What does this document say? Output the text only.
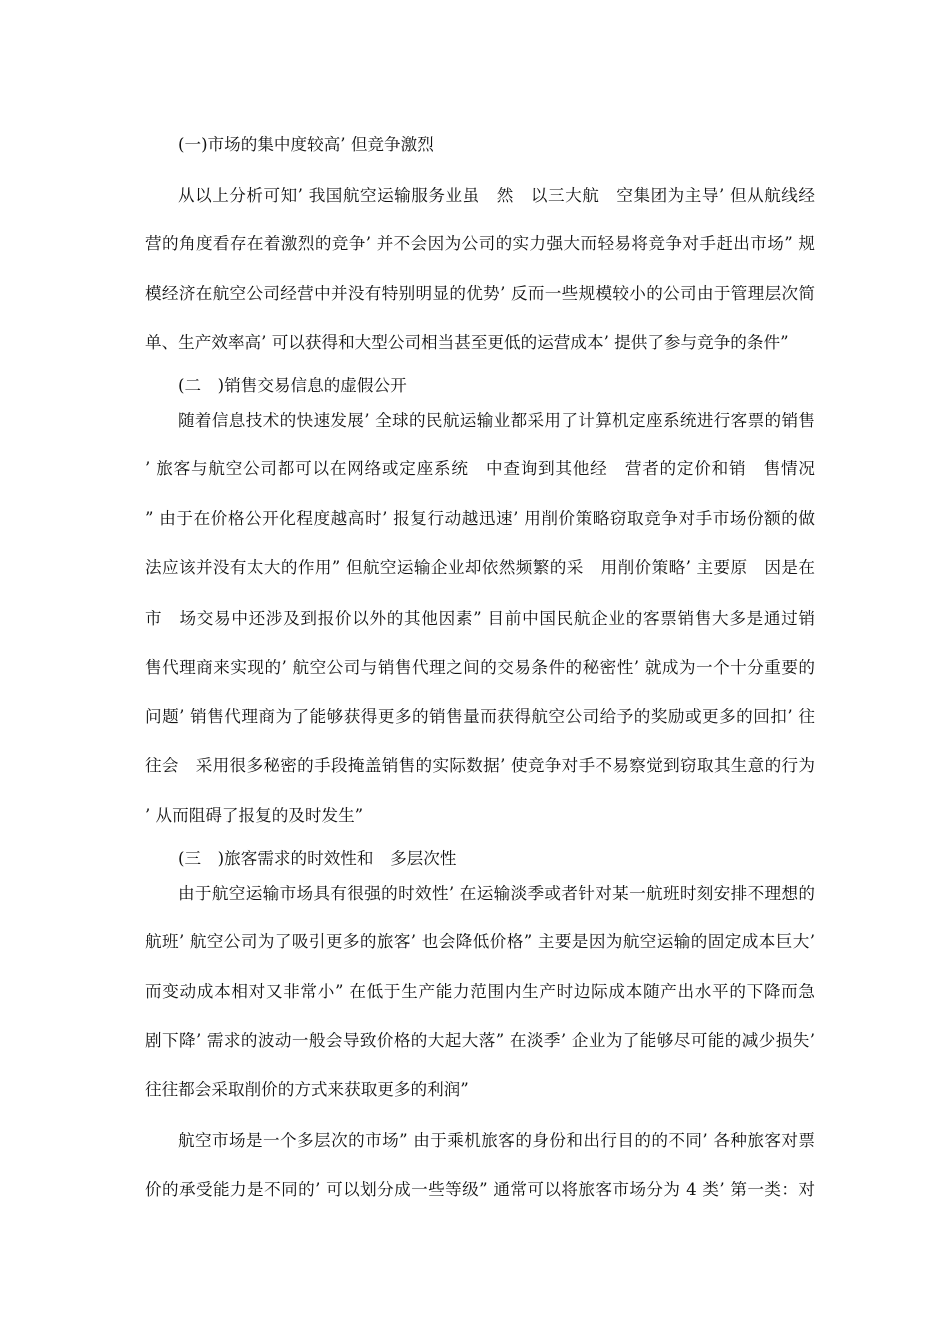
(一)市场的集中度较高’ 但竞争激烈
从以上分析可知’ 我国航空运输服务业虽　然　以三大航　空集团为主导’ 但从航线经
营的角度看存在着激烈的竞争’ 并不会因为公司的实力强大而轻易将竞争对手赶出市场” 规
模经济在航空公司经营中并没有特别明显的优势’ 反而一些规模较小的公司由于管理层次简
单、生产效率高’ 可以获得和大型公司相当甚至更低的运营成本’ 提供了参与竞争的条件”
(二　)销售交易信息的虚假公开
随着信息技术的快速发展’ 全球的民航运输业都采用了计算机定座系统进行客票的销售
’ 旅客与航空公司都可以在网络或定座系统　中查询到其他经　营者的定价和销　售情况
” 由于在价格公开化程度越高时’ 报复行动越迅速’ 用削价策略窃取竞争对手市场份额的做
法应该并没有太大的作用” 但航空运输企业却依然频繁的采　用削价策略’ 主要原　因是在
市　场交易中还涉及到报价以外的其他因素” 目前中国民航企业的客票销售大多是通过销
售代理商来实现的’ 航空公司与销售代理之间的交易条件的秘密性’ 就成为一个十分重要的
问题’ 销售代理商为了能够获得更多的销售量而获得航空公司给予的奖励或更多的回扣’ 往
往会　采用很多秘密的手段掩盖销售的实际数据’ 使竞争对手不易察觉到窃取其生意的行为
’ 从而阻碍了报复的及时发生”
(三　)旅客需求的时效性和　多层次性
由于航空运输市场具有很强的时效性’ 在运输淡季或者针对某一航班时刻安排不理想的
航班’ 航空公司为了吸引更多的旅客’ 也会降低价格” 主要是因为航空运输的固定成本巨大’
而变动成本相对又非常小” 在低于生产能力范围内生产时边际成本随产出水平的下降而急
剧下降’ 需求的波动一般会导致价格的大起大落” 在淡季’ 企业为了能够尽可能的减少损失’
往往都会采取削价的方式来获取更多的利润”
航空市场是一个多层次的市场” 由于乘机旅客的身份和出行目的的不同’ 各种旅客对票
价的承受能力是不同的’ 可以划分成一些等级” 通常可以将旅客市场分为 4 类’ 第一类：对
